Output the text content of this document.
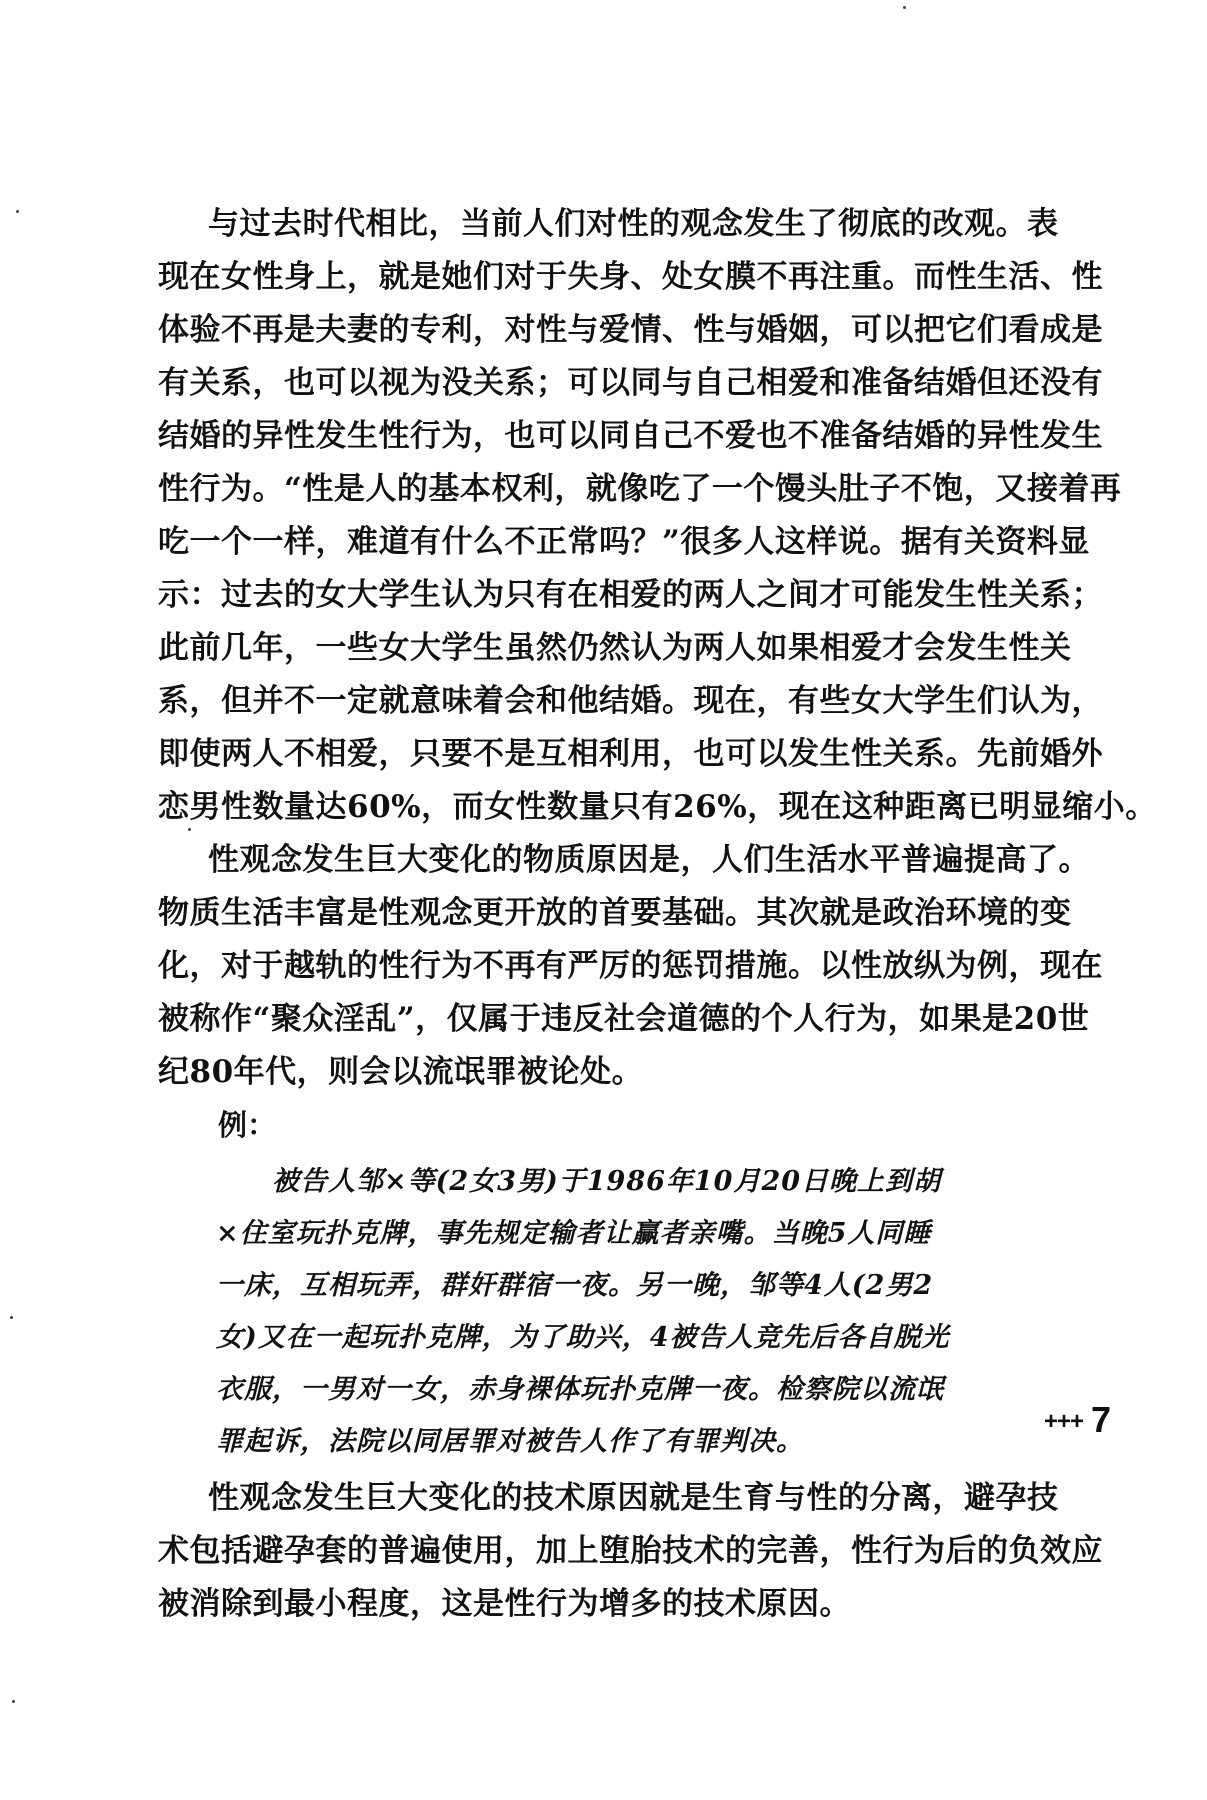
与过去时代相比，当前人们对性的观念发生了彻底的改观。表
现在女性身上，就是她们对于失身、处女膜不再注重。而性生活、性
体验不再是夫妻的专利，对性与爱情、性与婚姻，可以把它们看成是
有关系，也可以视为没关系；可以同与自己相爱和准备结婚但还没有
结婚的异性发生性行为，也可以同自己不爱也不准备结婚的异性发生
性行为。“性是人的基本权利，就像吃了一个馒头肚子不饱，又接着再
吃一个一样，难道有什么不正常吗？”很多人这样说。据有关资料显
示：过去的女大学生认为只有在相爱的两人之间才可能发生性关系；
此前几年，一些女大学生虽然仍然认为两人如果相爱才会发生性关
系，但并不一定就意味着会和他结婚。现在，有些女大学生们认为，
即使两人不相爱，只要不是互相利用，也可以发生性关系。先前婚外
恋男性数量达60%，而女性数量只有26%，现在这种距离已明显缩小。
性观念发生巨大变化的物质原因是，人们生活水平普遍提高了。
物质生活丰富是性观念更开放的首要基础。其次就是政治环境的变
化，对于越轨的性行为不再有严厉的惩罚措施。以性放纵为例，现在
被称作“聚众淫乱”，仅属于违反社会道德的个人行为，如果是20世
纪80年代，则会以流氓罪被论处。
例：
被告人邹×等(2女3男)于1986年10月20日晚上到胡
×住室玩扑克牌，事先规定输者让赢者亲嘴。当晚5人同睡
一床，互相玩弄，群奸群宿一夜。另一晚，邹等4人(2男2
女)又在一起玩扑克牌，为了助兴，4被告人竞先后各自脱光
衣服，一男对一女，赤身裸体玩扑克牌一夜。检察院以流氓
罪起诉，法院以同居罪对被告人作了有罪判决。
性观念发生巨大变化的技术原因就是生育与性的分离，避孕技
术包括避孕套的普遍使用，加上堕胎技术的完善，性行为后的负效应
被消除到最小程度，这是性行为增多的技术原因。
+++ 7
